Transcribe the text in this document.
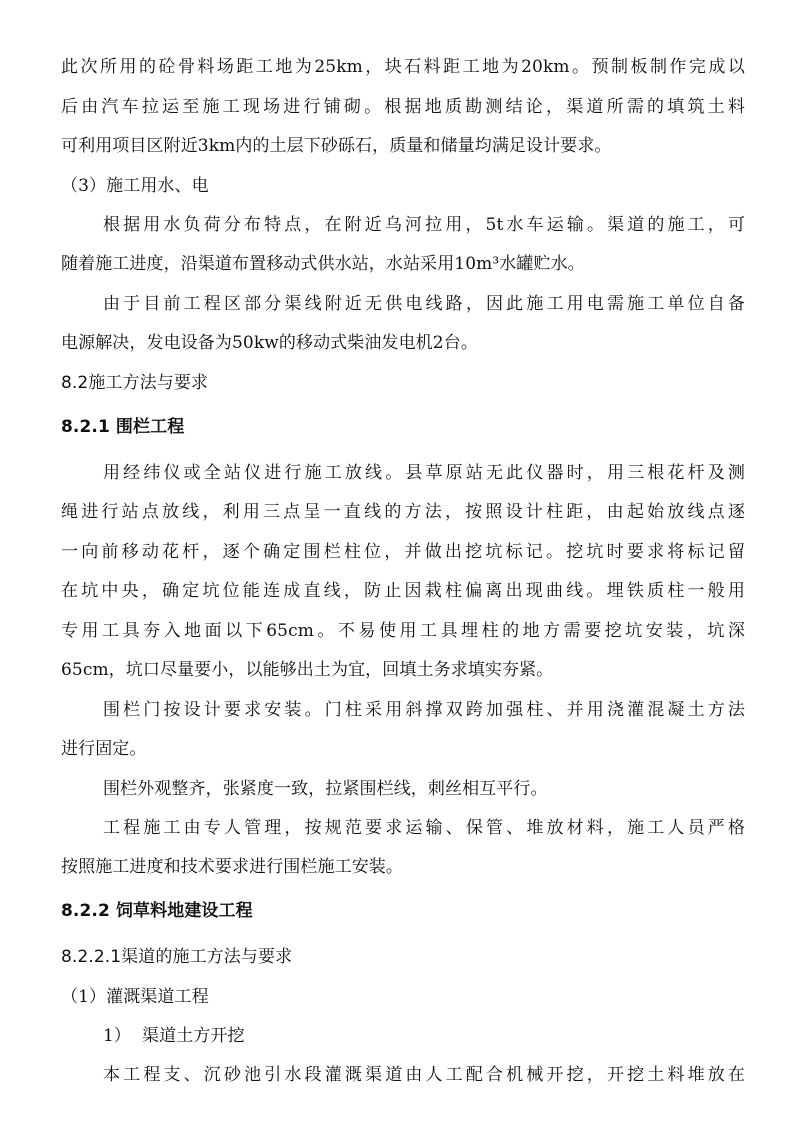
此次所用的砼骨料场距工地为25km，块石料距工地为20km。预制板制作完成以
后由汽车拉运至施工现场进行铺砌。根据地质勘测结论，渠道所需的填筑土料
可利用项目区附近3km内的土层下砂砾石，质量和储量均满足设计要求。
（3）施工用水、电
根据用水负荷分布特点，在附近乌河拉用，5t水车运输。渠道的施工，可
随着施工进度，沿渠道布置移动式供水站，水站采用10m³水罐贮水。
由于目前工程区部分渠线附近无供电线路，因此施工用电需施工单位自备
电源解决，发电设备为50kw的移动式柴油发电机2台。
8.2施工方法与要求
8.2.1 围栏工程
用经纬仪或全站仪进行施工放线。县草原站无此仪器时，用三根花杆及测
绳进行站点放线，利用三点呈一直线的方法，按照设计柱距，由起始放线点逐
一向前移动花杆，逐个确定围栏柱位，并做出挖坑标记。挖坑时要求将标记留
在坑中央，确定坑位能连成直线，防止因栽柱偏离出现曲线。埋铁质柱一般用
专用工具夯入地面以下65cm。不易使用工具埋柱的地方需要挖坑安装，坑深
65cm，坑口尽量要小，以能够出土为宜，回填土务求填实夯紧。
围栏门按设计要求安装。门柱采用斜撑双跨加强柱、并用浇灌混凝土方法
进行固定。
围栏外观整齐，张紧度一致，拉紧围栏线，刺丝相互平行。
工程施工由专人管理，按规范要求运输、保管、堆放材料，施工人员严格
按照施工进度和技术要求进行围栏施工安装。
8.2.2 饲草料地建设工程
8.2.2.1渠道的施工方法与要求
（1）灌溉渠道工程
1）  渠道土方开挖
本工程支、沉砂池引水段灌溉渠道由人工配合机械开挖，开挖土料堆放在
